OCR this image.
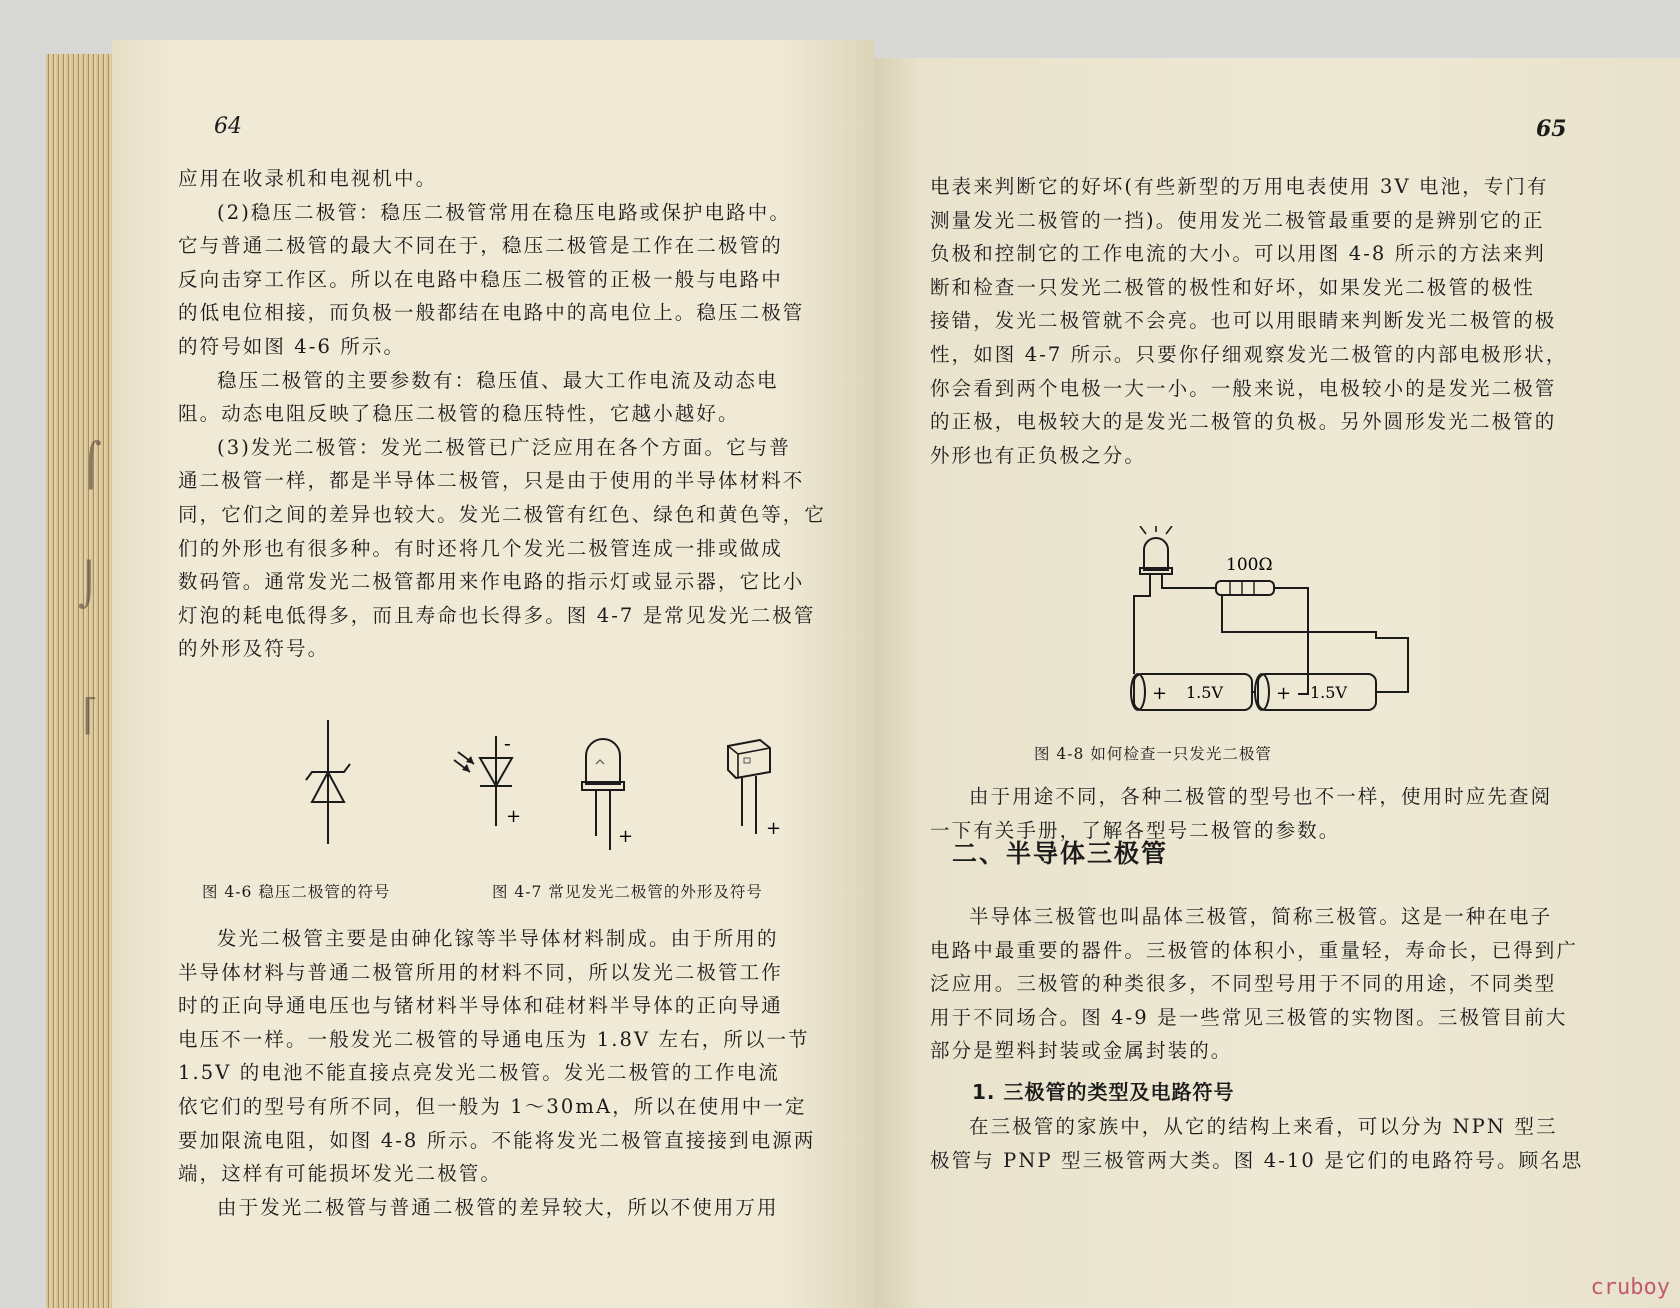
64

应用在收录机和电视机中。

(2)稳压二极管：稳压二极管常用在稳压电路或保护电路中。

它与普通二极管的最大不同在于，稳压二极管是工作在二极管的

反向击穿工作区。所以在电路中稳压二极管的正极一般与电路中

的低电位相接，而负极一般都结在电路中的高电位上。稳压二极管

的符号如图 4-6 所示。

稳压二极管的主要参数有：稳压值、最大工作电流及动态电

阻。动态电阻反映了稳压二极管的稳压特性，它越小越好。

(3)发光二极管：发光二极管已广泛应用在各个方面。它与普

通二极管一样，都是半导体二极管，只是由于使用的半导体材料不

同，它们之间的差异也较大。发光二极管有红色、绿色和黄色等，它

们的外形也有很多种。有时还将几个发光二极管连成一排或做成

数码管。通常发光二极管都用来作电路的指示灯或显示器，它比小

灯泡的耗电低得多，而且寿命也长得多。图 4-7 是常见发光二极管

的外形及符号。

-
+
+	+
图 4-6 稳压二极管的符号	图 4-7 常见发光二极管的外形及符号

发光二极管主要是由砷化镓等半导体材料制成。由于所用的

半导体材料与普通二极管所用的材料不同，所以发光二极管工作

时的正向导通电压也与锗材料半导体和硅材料半导体的正向导通

电压不一样。一般发光二极管的导通电压为 1.8V 左右，所以一节

1.5V 的电池不能直接点亮发光二极管。发光二极管的工作电流

依它们的型号有所不同，但一般为 1～30mA，所以在使用中一定

要加限流电阻，如图 4-8 所示。不能将发光二极管直接接到电源两

端，这样有可能损坏发光二极管。

由于发光二极管与普通二极管的差异较大，所以不使用万用

⌠
⌡
⌈
65

电表来判断它的好坏(有些新型的万用电表使用 3V 电池，专门有

测量发光二极管的一挡)。使用发光二极管最重要的是辨别它的正

负极和控制它的工作电流的大小。可以用图 4-8 所示的方法来判

断和检查一只发光二极管的极性和好坏，如果发光二极管的极性

接错，发光二极管就不会亮。也可以用眼睛来判断发光二极管的极

性，如图 4-7 所示。只要你仔细观察发光二极管的内部电极形状，

你会看到两个电极一大一小。一般来说，电极较小的是发光二极管

的正极，电极较大的是发光二极管的负极。另外圆形发光二极管的

外形也有正负极之分。

100Ω
+ 1.5V	+ 1.5V
图 4-8 如何检查一只发光二极管

由于用途不同，各种二极管的型号也不一样，使用时应先查阅

一下有关手册，了解各型号二极管的参数。

二、半导体三极管

半导体三极管也叫晶体三极管，简称三极管。这是一种在电子

电路中最重要的器件。三极管的体积小，重量轻，寿命长，已得到广

泛应用。三极管的种类很多，不同型号用于不同的用途，不同类型

用于不同场合。图 4-9 是一些常见三极管的实物图。三极管目前大

部分是塑料封装或金属封装的。

1. 三极管的类型及电路符号

在三极管的家族中，从它的结构上来看，可以分为 NPN 型三

极管与 PNP 型三极管两大类。图 4-10 是它们的电路符号。顾名思

cruboy
